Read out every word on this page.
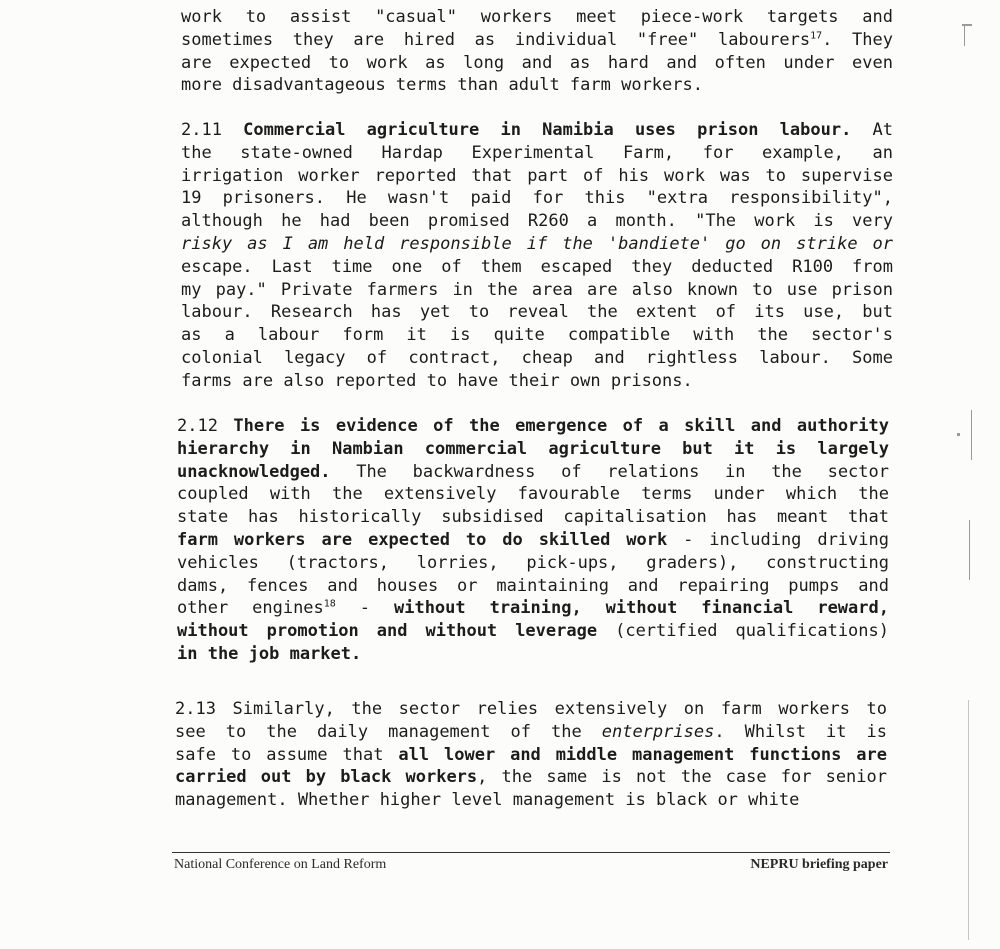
work to assist "casual" workers meet piece-work targets and
sometimes they are hired as individual "free" labourers$^{17}$. They
are expected to work as long and as hard and often under even
more disadvantageous terms than adult farm workers.
2.11 Commercial agriculture in Namibia uses prison labour. At
the state-owned Hardap Experimental Farm, for example, an
irrigation worker reported that part of his work was to supervise
19 prisoners. He wasn't paid for this "extra responsibility",
although he had been promised R260 a month. "The work is very
risky as I am held responsible if the 'bandiete' go on strike or
escape. Last time one of them escaped they deducted R100 from
my pay." Private farmers in the area are also known to use prison
labour. Research has yet to reveal the extent of its use, but
as a labour form it is quite compatible with the sector's
colonial legacy of contract, cheap and rightless labour. Some
farms are also reported to have their own prisons.
2.12 There is evidence of the emergence of a skill and authority
hierarchy in Nambian commercial agriculture but it is largely
unacknowledged. The backwardness of relations in the sector
coupled with the extensively favourable terms under which the
state has historically subsidised capitalisation has meant that
farm workers are expected to do skilled work - including driving
vehicles (tractors, lorries, pick-ups, graders), constructing
dams, fences and houses or maintaining and repairing pumps and
other engines$^{18}$ - without training, without financial reward,
without promotion and without leverage (certified qualifications)
in the job market.
2.13 Similarly, the sector relies extensively on farm workers to
see to the daily management of the enterprises. Whilst it is
safe to assume that all lower and middle management functions are
carried out by black workers, the same is not the case for senior
management. Whether higher level management is black or white
National Conference on Land Reform	NEPRU briefing paper
